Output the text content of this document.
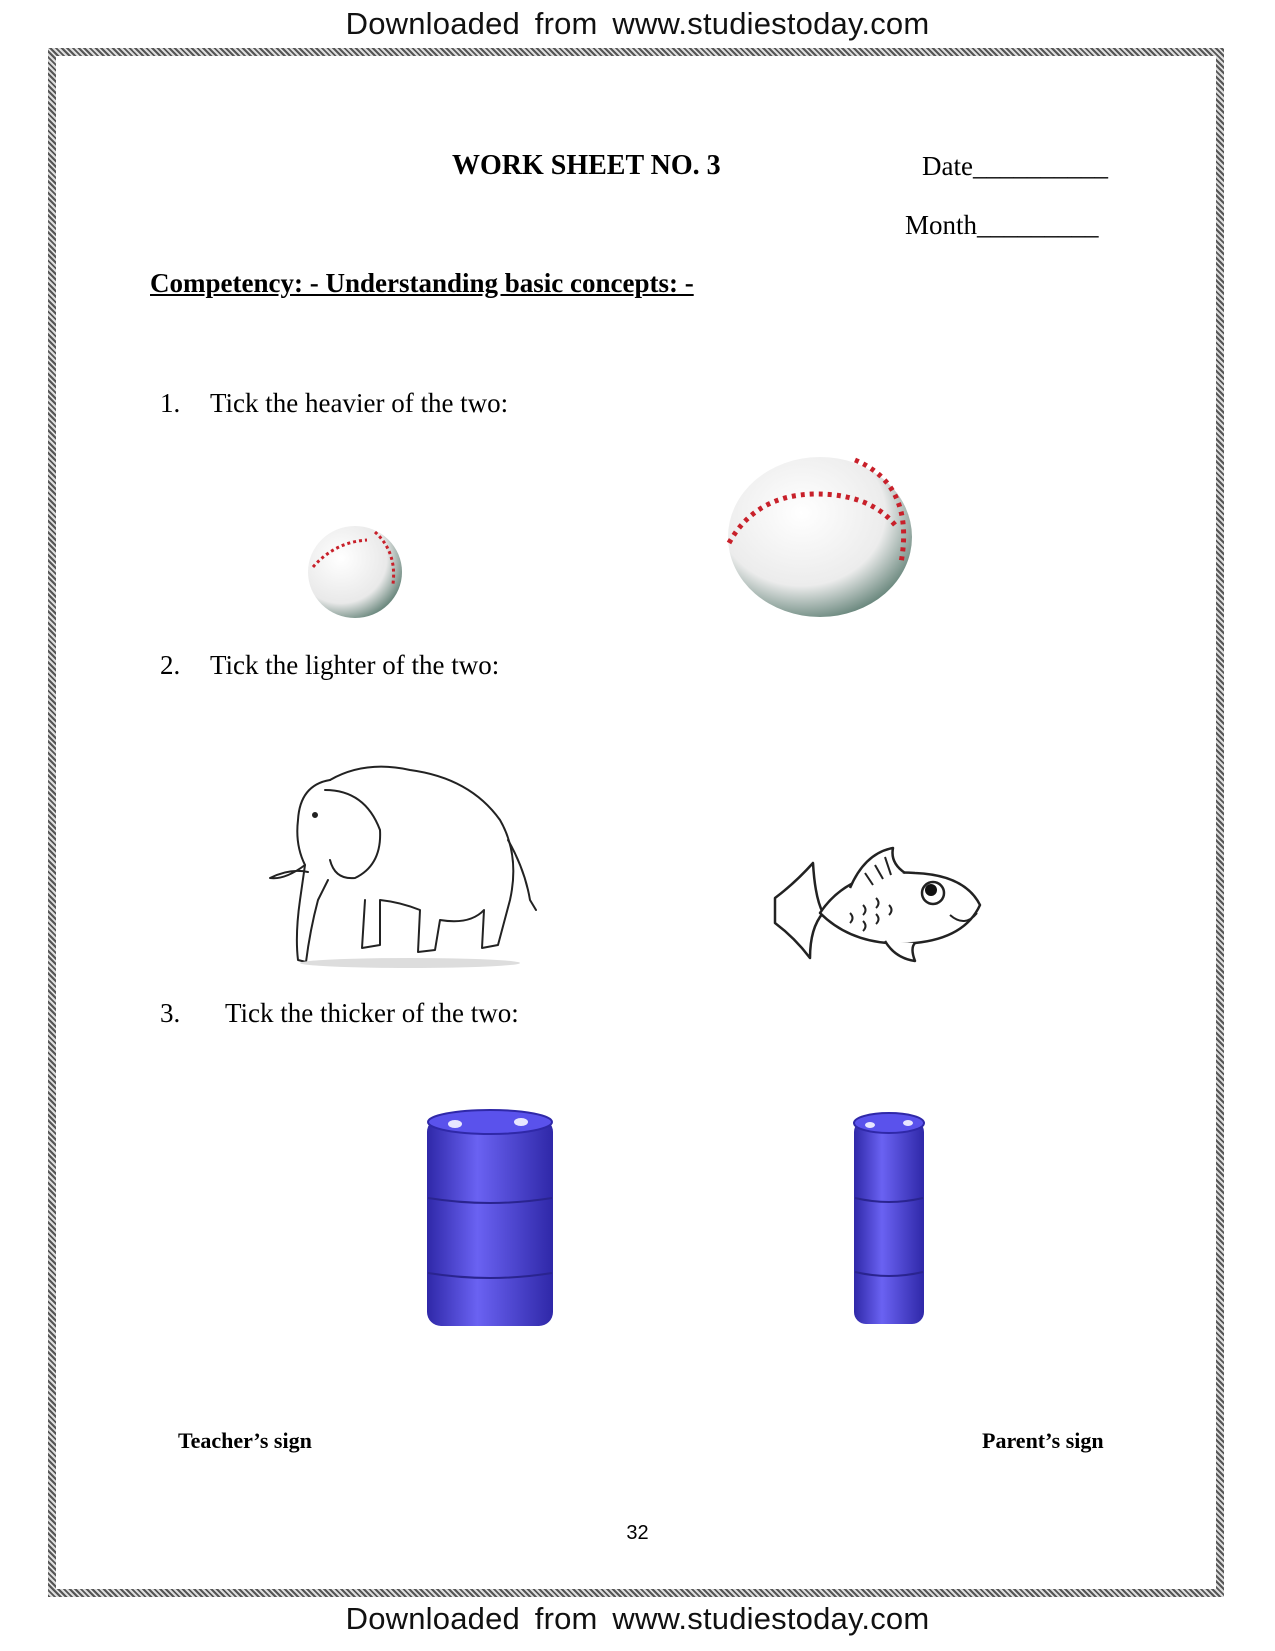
Downloaded from www.studiestoday.com
WORK SHEET NO. 3	Date__________
Month_________
Competency: - Understanding basic concepts: -
1. Tick the heavier of the two:
2. Tick the lighter of the two:
3. Tick the thicker of the two:
Teacher’s sign	Parent’s sign
32
Downloaded from www.studiestoday.com
